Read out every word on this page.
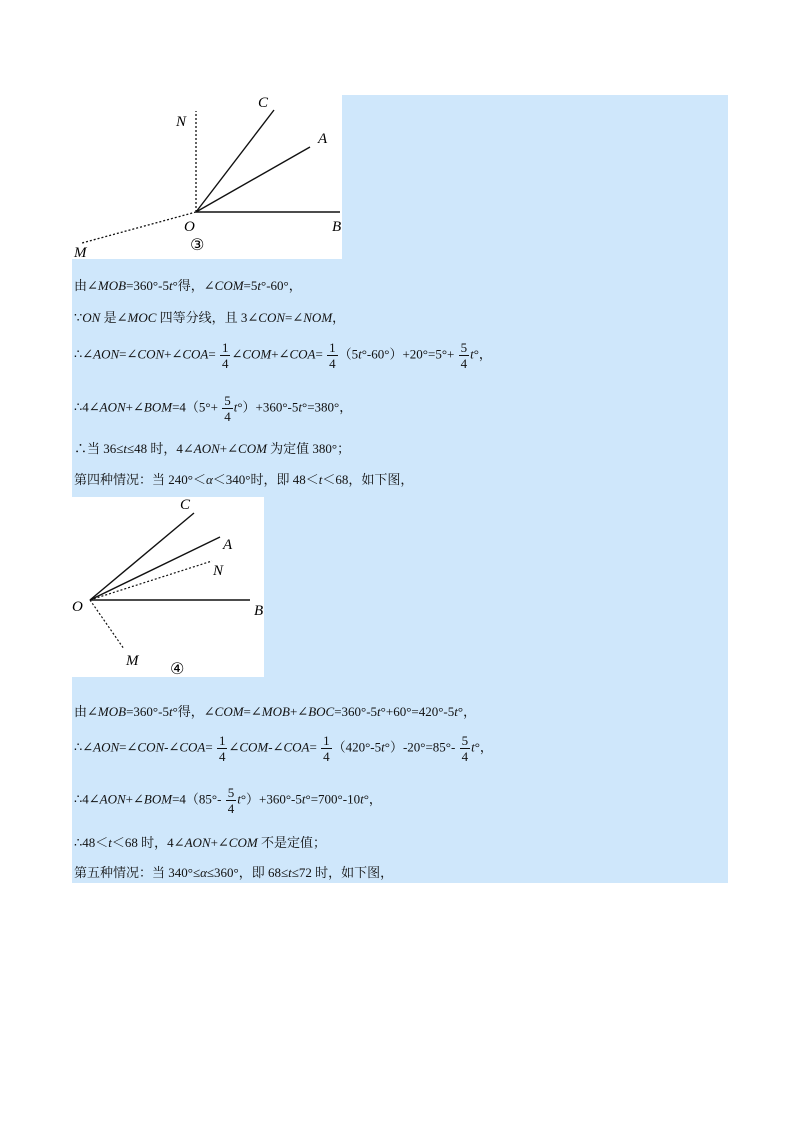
N
C
A
O	B
M	③
由∠MOB=360°-5t°得，∠COM=5t°-60°，
∵ON 是∠MOC 四等分线，且 3∠CON=∠NOM，
∴∠AON=∠CON+∠COA= $\frac{1}{4}$ ∠COM+∠COA= $\frac{1}{4} (5t^\circ-60^\circ)+20^\circ=5^\circ+ \frac{5}{4} t^\circ$，
∴4∠AON+∠BOM=4（5°+ $\frac{5}{4} t^\circ)+360^\circ-5t^\circ=380^\circ$，
∴当 36≤t≤48 时，4∠AON+∠COM 为定值 380°；
第四种情况：当 240°＜α＜340°时，即 48＜t＜68，如下图，
C
A
N
O	B
M ④
由∠MOB=360°-5t°得，∠COM=∠MOB+∠BOC=360°-5t°+60°=420°-5t°，
∴∠AON=∠CON-∠COA= $\frac{1}{4}$ ∠COM-∠COA= $\frac{1}{4} (420^\circ-5t^\circ)-20^\circ=85^\circ- \frac{5}{4} t^\circ$，
∴4∠AON+∠BOM=4（85°- $\frac{5}{4} t^\circ)+360^\circ-5t^\circ=700^\circ-10t^\circ$，
∴48＜t＜68 时，4∠AON+∠COM 不是定值；
第五种情况：当 340°≤α≤360°，即 68≤t≤72 时，如下图，
